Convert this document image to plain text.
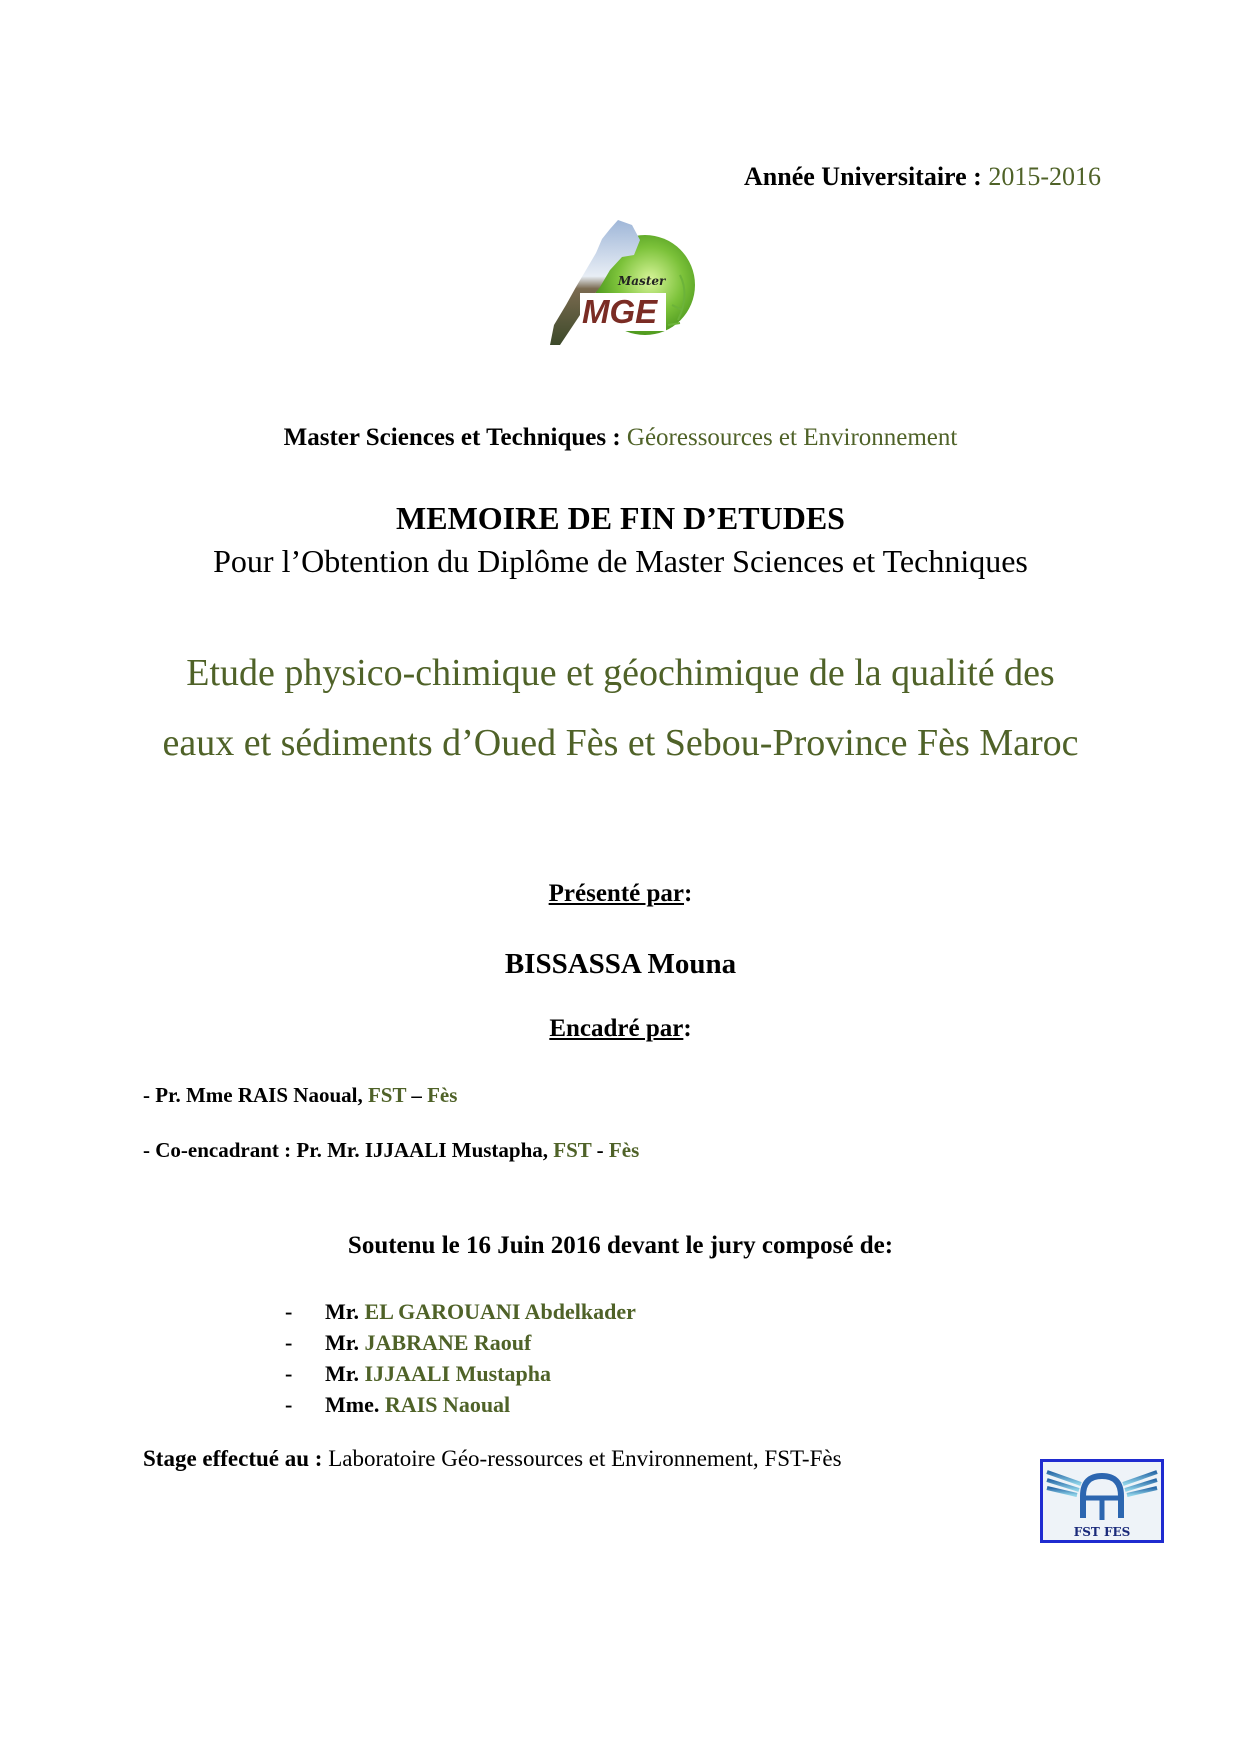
Année Universitaire : 2015-2016
Master
MGE
Master Sciences et Techniques : Géoressources et Environnement
MEMOIRE DE FIN D’ETUDES
Pour l’Obtention du Diplôme de Master Sciences et Techniques
Etude physico-chimique et géochimique de la qualité des
eaux et sédiments d’Oued Fès et Sebou-Province Fès Maroc
Présenté par:
BISSASSA Mouna
Encadré par:
- Pr. Mme RAIS Naoual, FST – Fès
- Co-encadrant : Pr. Mr. IJJAALI Mustapha, FST - Fès
Soutenu le 16 Juin 2016 devant le jury composé de:
- Mr. EL GAROUANI Abdelkader
- Mr. JABRANE Raouf
- Mr. IJJAALI Mustapha
- Mme. RAIS Naoual
Stage effectué au : Laboratoire Géo-ressources et Environnement, FST-Fès
FST FES
